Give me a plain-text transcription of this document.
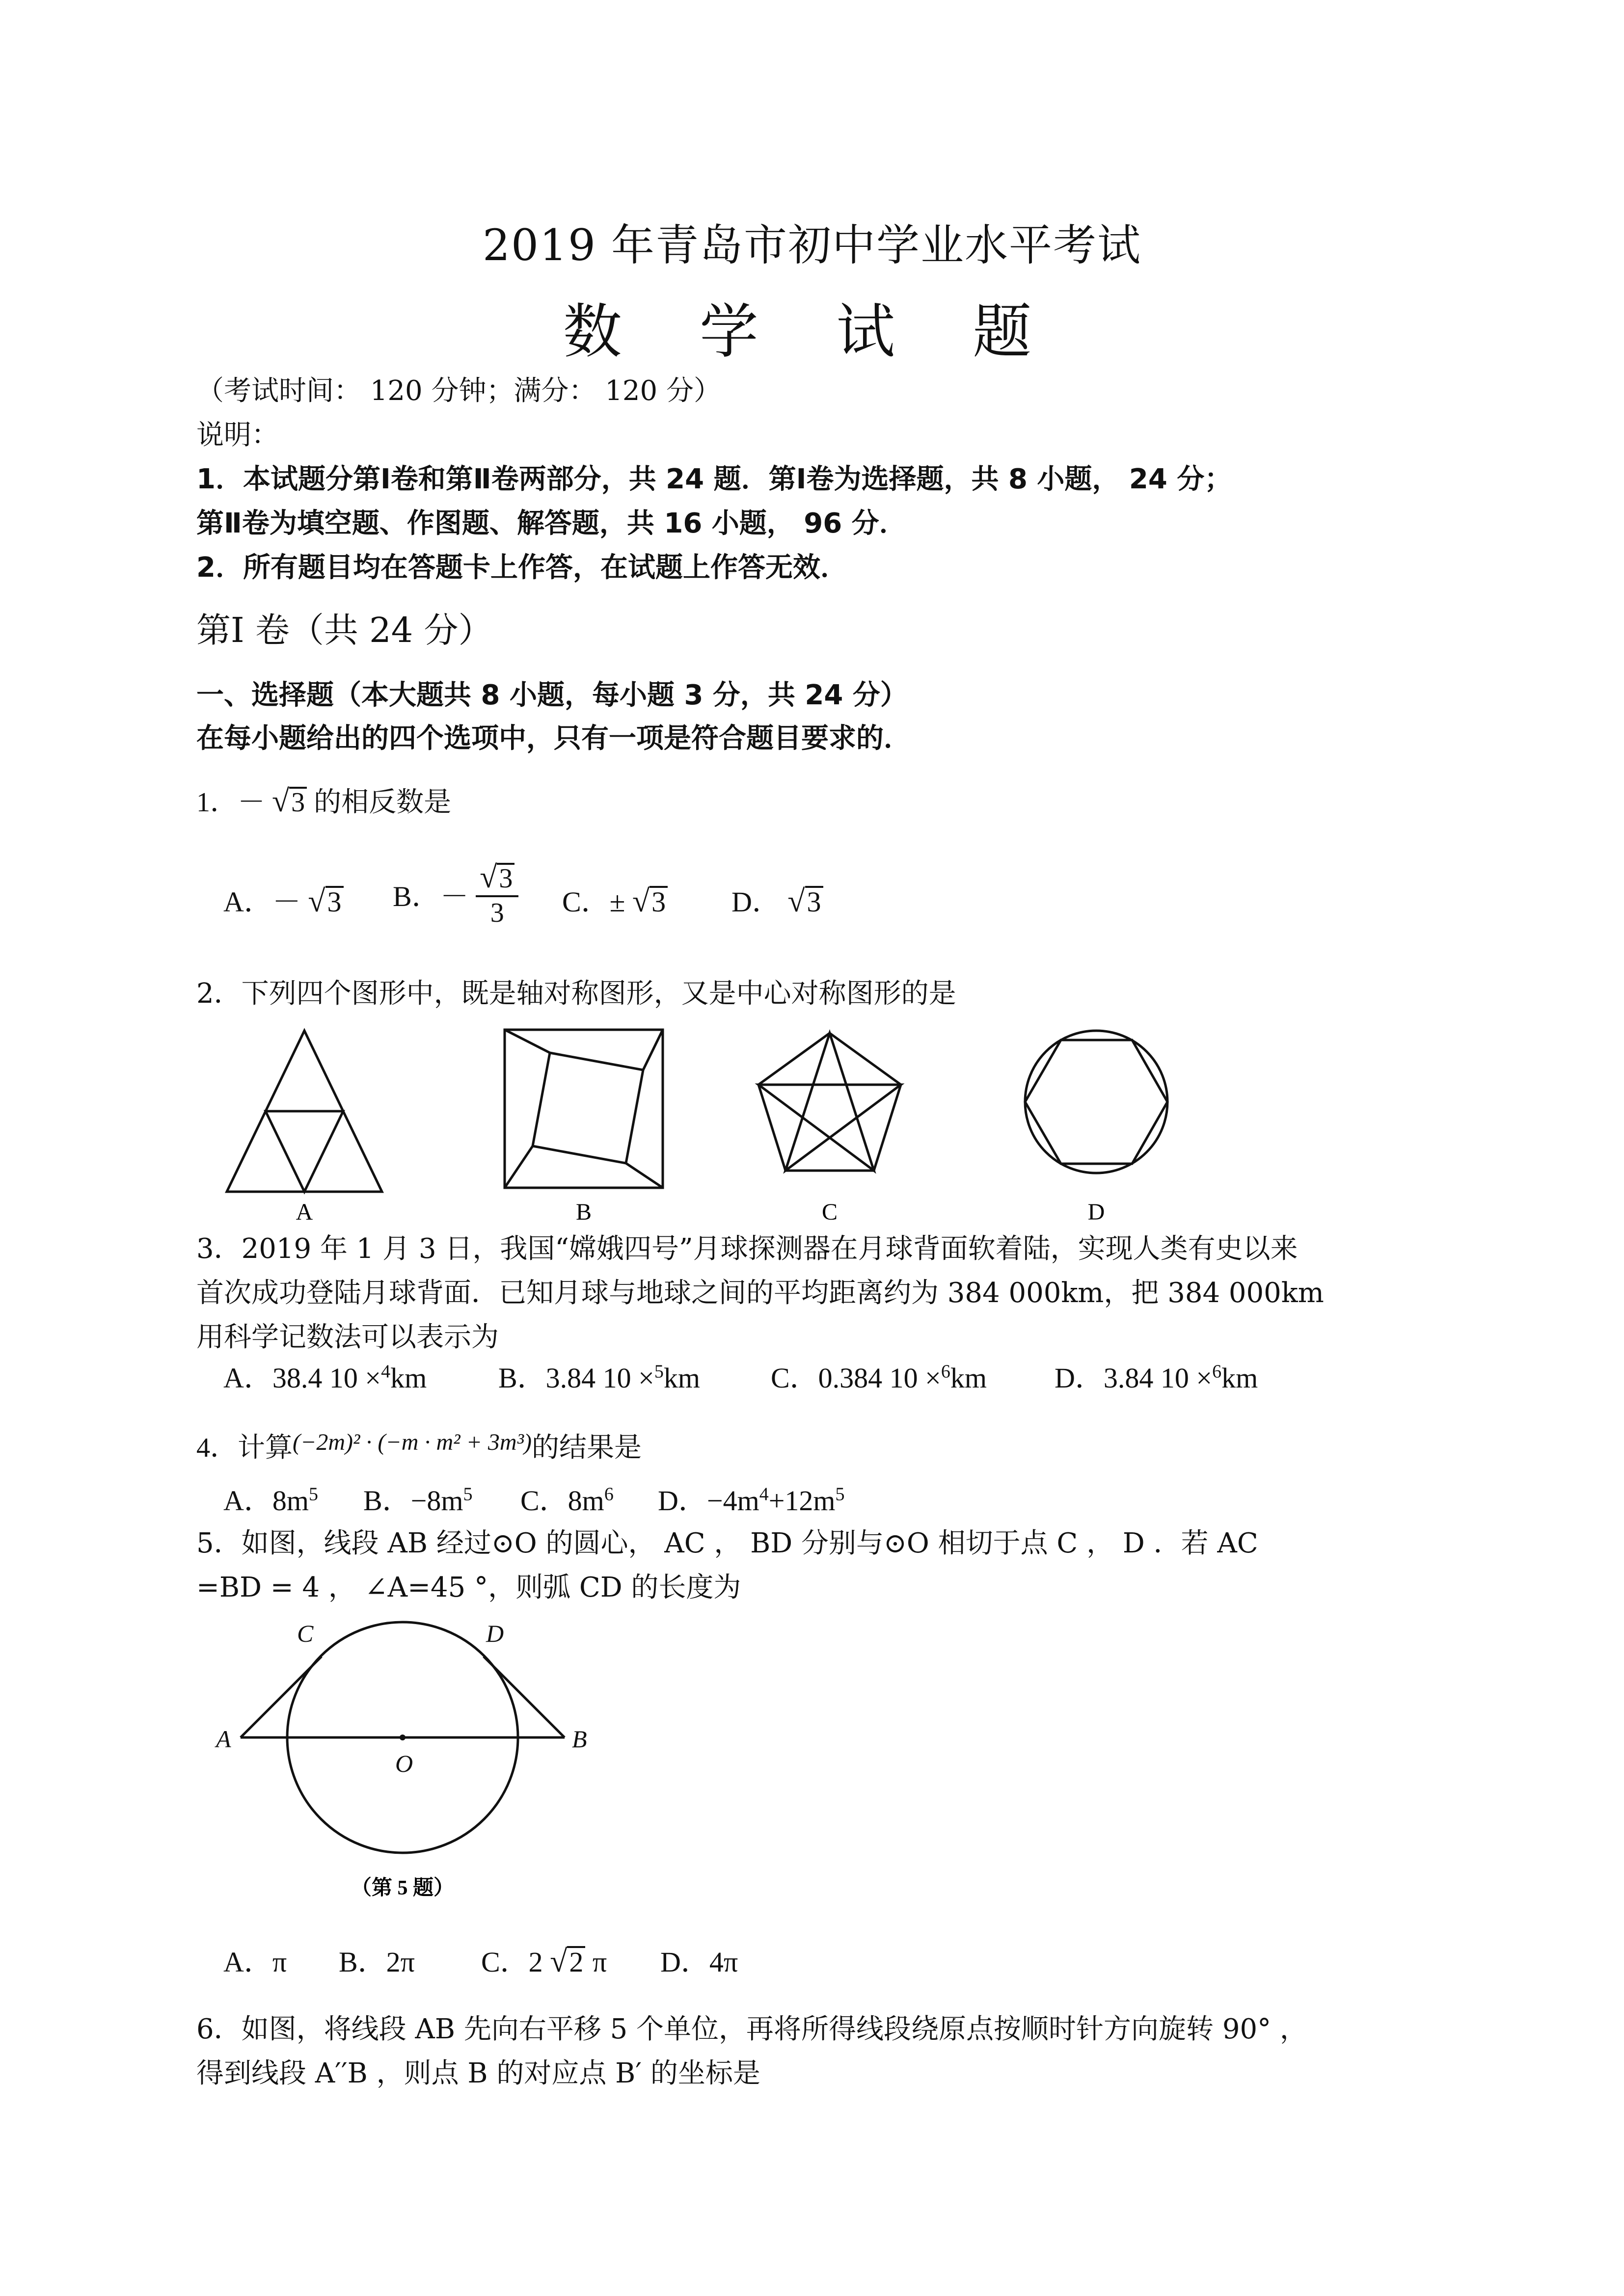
2019 年青岛市初中学业水平考试
数 学 试 题
（考试时间： 120 分钟；满分： 120 分）
说明：
1．本试题分第Ⅰ卷和第Ⅱ卷两部分，共 24 题．第Ⅰ卷为选择题，共 8 小题， 24 分；
第Ⅱ卷为填空题、作图题、解答题，共 16 小题， 96 分．
2．所有题目均在答题卡上作答，在试题上作答无效．
第Ⅰ 卷（共 24 分）
一、选择题（本大题共 8 小题，每小题 3 分，共 24 分）
在每小题给出的四个选项中，只有一项是符合题目要求的．
1．－ √3 的相反数是
A．－ √3 B．－ $\frac{√3}{3}$ C．± √3 D． √3
2．下列四个图形中，既是轴对称图形，又是中心对称图形的是
A	B	C	D
3．2019 年 1 月 3 日，我国“嫦娥四号”月球探测器在月球背面软着陆，实现人类有史以来
首次成功登陆月球背面．已知月球与地球之间的平均距离约为 384 000km，把 384 000km
用科学记数法可以表示为
A．38.4 10 ×$^4$km	B．3.84 10 ×$^5$km C．0.384 10 ×$^6$km D．3.84 10 ×$^6$km
4．计算(−2m)² · (−m · m² + 3m³)的结果是
A．$8m^5$ B．$-8m^5$ C．$8m^6$ D．$-4m^4+12m^5$
5．如图，线段 AB 经过⊙O 的圆心， AC ， BD 分别与⊙O 相切于点 C ， D ．若 AC
=BD = 4 ， ∠A=45 °，则弧 CD 的长度为
A	B
C	D
O
（第 5 题）
A．π B．2π C．2 √2 π D．4π
6．如图，将线段 AB 先向右平移 5 个单位，再将所得线段绕原点按顺时针方向旋转 90° ，
得到线段 A′′B ，则点 B 的对应点 B′ 的坐标是
